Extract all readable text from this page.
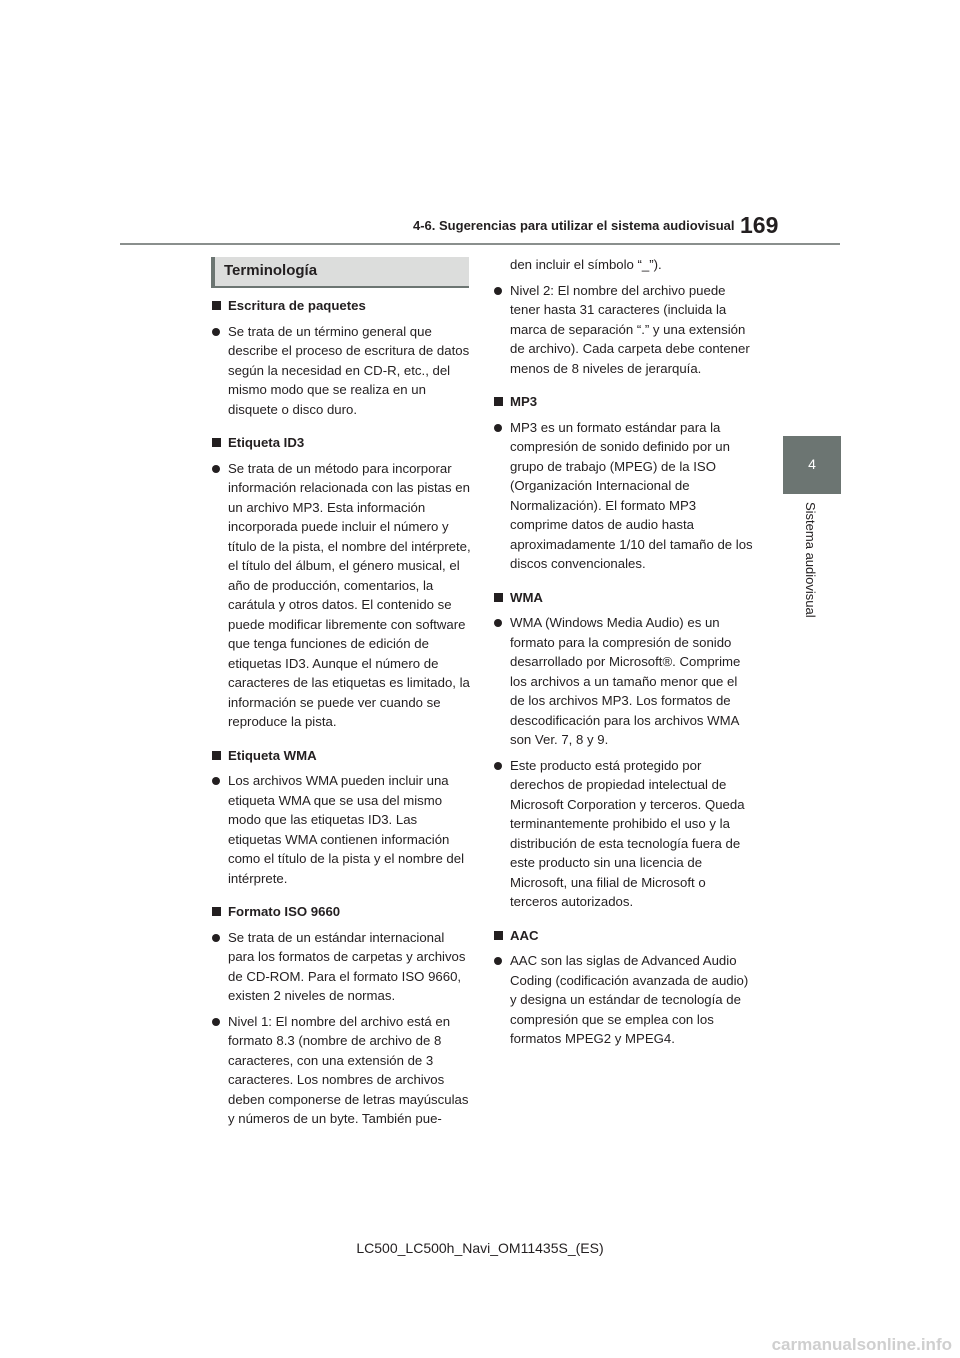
4-6. Sugerencias para utilizar el sistema audiovisual 169
4
Sistema audiovisual
Terminología
Escritura de paquetes
Se trata de un término general que describe el proceso de escritura de datos según la necesidad en CD-R, etc., del mismo modo que se realiza en un disquete o disco duro.
Etiqueta ID3
Se trata de un método para incorporar información relacionada con las pistas en un archivo MP3. Esta información incorporada puede incluir el número y título de la pista, el nombre del intérprete, el título del álbum, el género musical, el año de producción, comentarios, la carátula y otros datos. El contenido se puede modificar libremente con software que tenga funciones de edición de etiquetas ID3. Aunque el número de caracteres de las etiquetas es limitado, la información se puede ver cuando se reproduce la pista.
Etiqueta WMA
Los archivos WMA pueden incluir una etiqueta WMA que se usa del mismo modo que las etiquetas ID3. Las etiquetas WMA contienen información como el título de la pista y el nombre del intérprete.
Formato ISO 9660
Se trata de un estándar internacional para los formatos de carpetas y archivos de CD-ROM. Para el formato ISO 9660, existen 2 niveles de normas.
Nivel 1: El nombre del archivo está en formato 8.3 (nombre de archivo de 8 caracteres, con una extensión de 3 caracteres. Los nombres de archivos deben componerse de letras mayúsculas y números de un byte. También pue-
den incluir el símbolo “_”).
Nivel 2: El nombre del archivo puede tener hasta 31 caracteres (incluida la marca de separación “.” y una extensión de archivo). Cada carpeta debe contener menos de 8 niveles de jerarquía.
MP3
MP3 es un formato estándar para la compresión de sonido definido por un grupo de trabajo (MPEG) de la ISO (Organización Internacional de Normalización). El formato MP3 comprime datos de audio hasta aproximadamente 1/10 del tamaño de los discos convencionales.
WMA
WMA (Windows Media Audio) es un formato para la compresión de sonido desarrollado por Microsoft®. Comprime los archivos a un tamaño menor que el de los archivos MP3. Los formatos de descodificación para los archivos WMA son Ver. 7, 8 y 9.
Este producto está protegido por derechos de propiedad intelectual de Microsoft Corporation y terceros. Queda terminantemente prohibido el uso y la distribución de esta tecnología fuera de este producto sin una licencia de Microsoft, una filial de Microsoft o terceros autorizados.
AAC
AAC son las siglas de Advanced Audio Coding (codificación avanzada de audio) y designa un estándar de tecnología de compresión que se emplea con los formatos MPEG2 y MPEG4.
LC500_LC500h_Navi_OM11435S_(ES)
carmanualsonline.info
